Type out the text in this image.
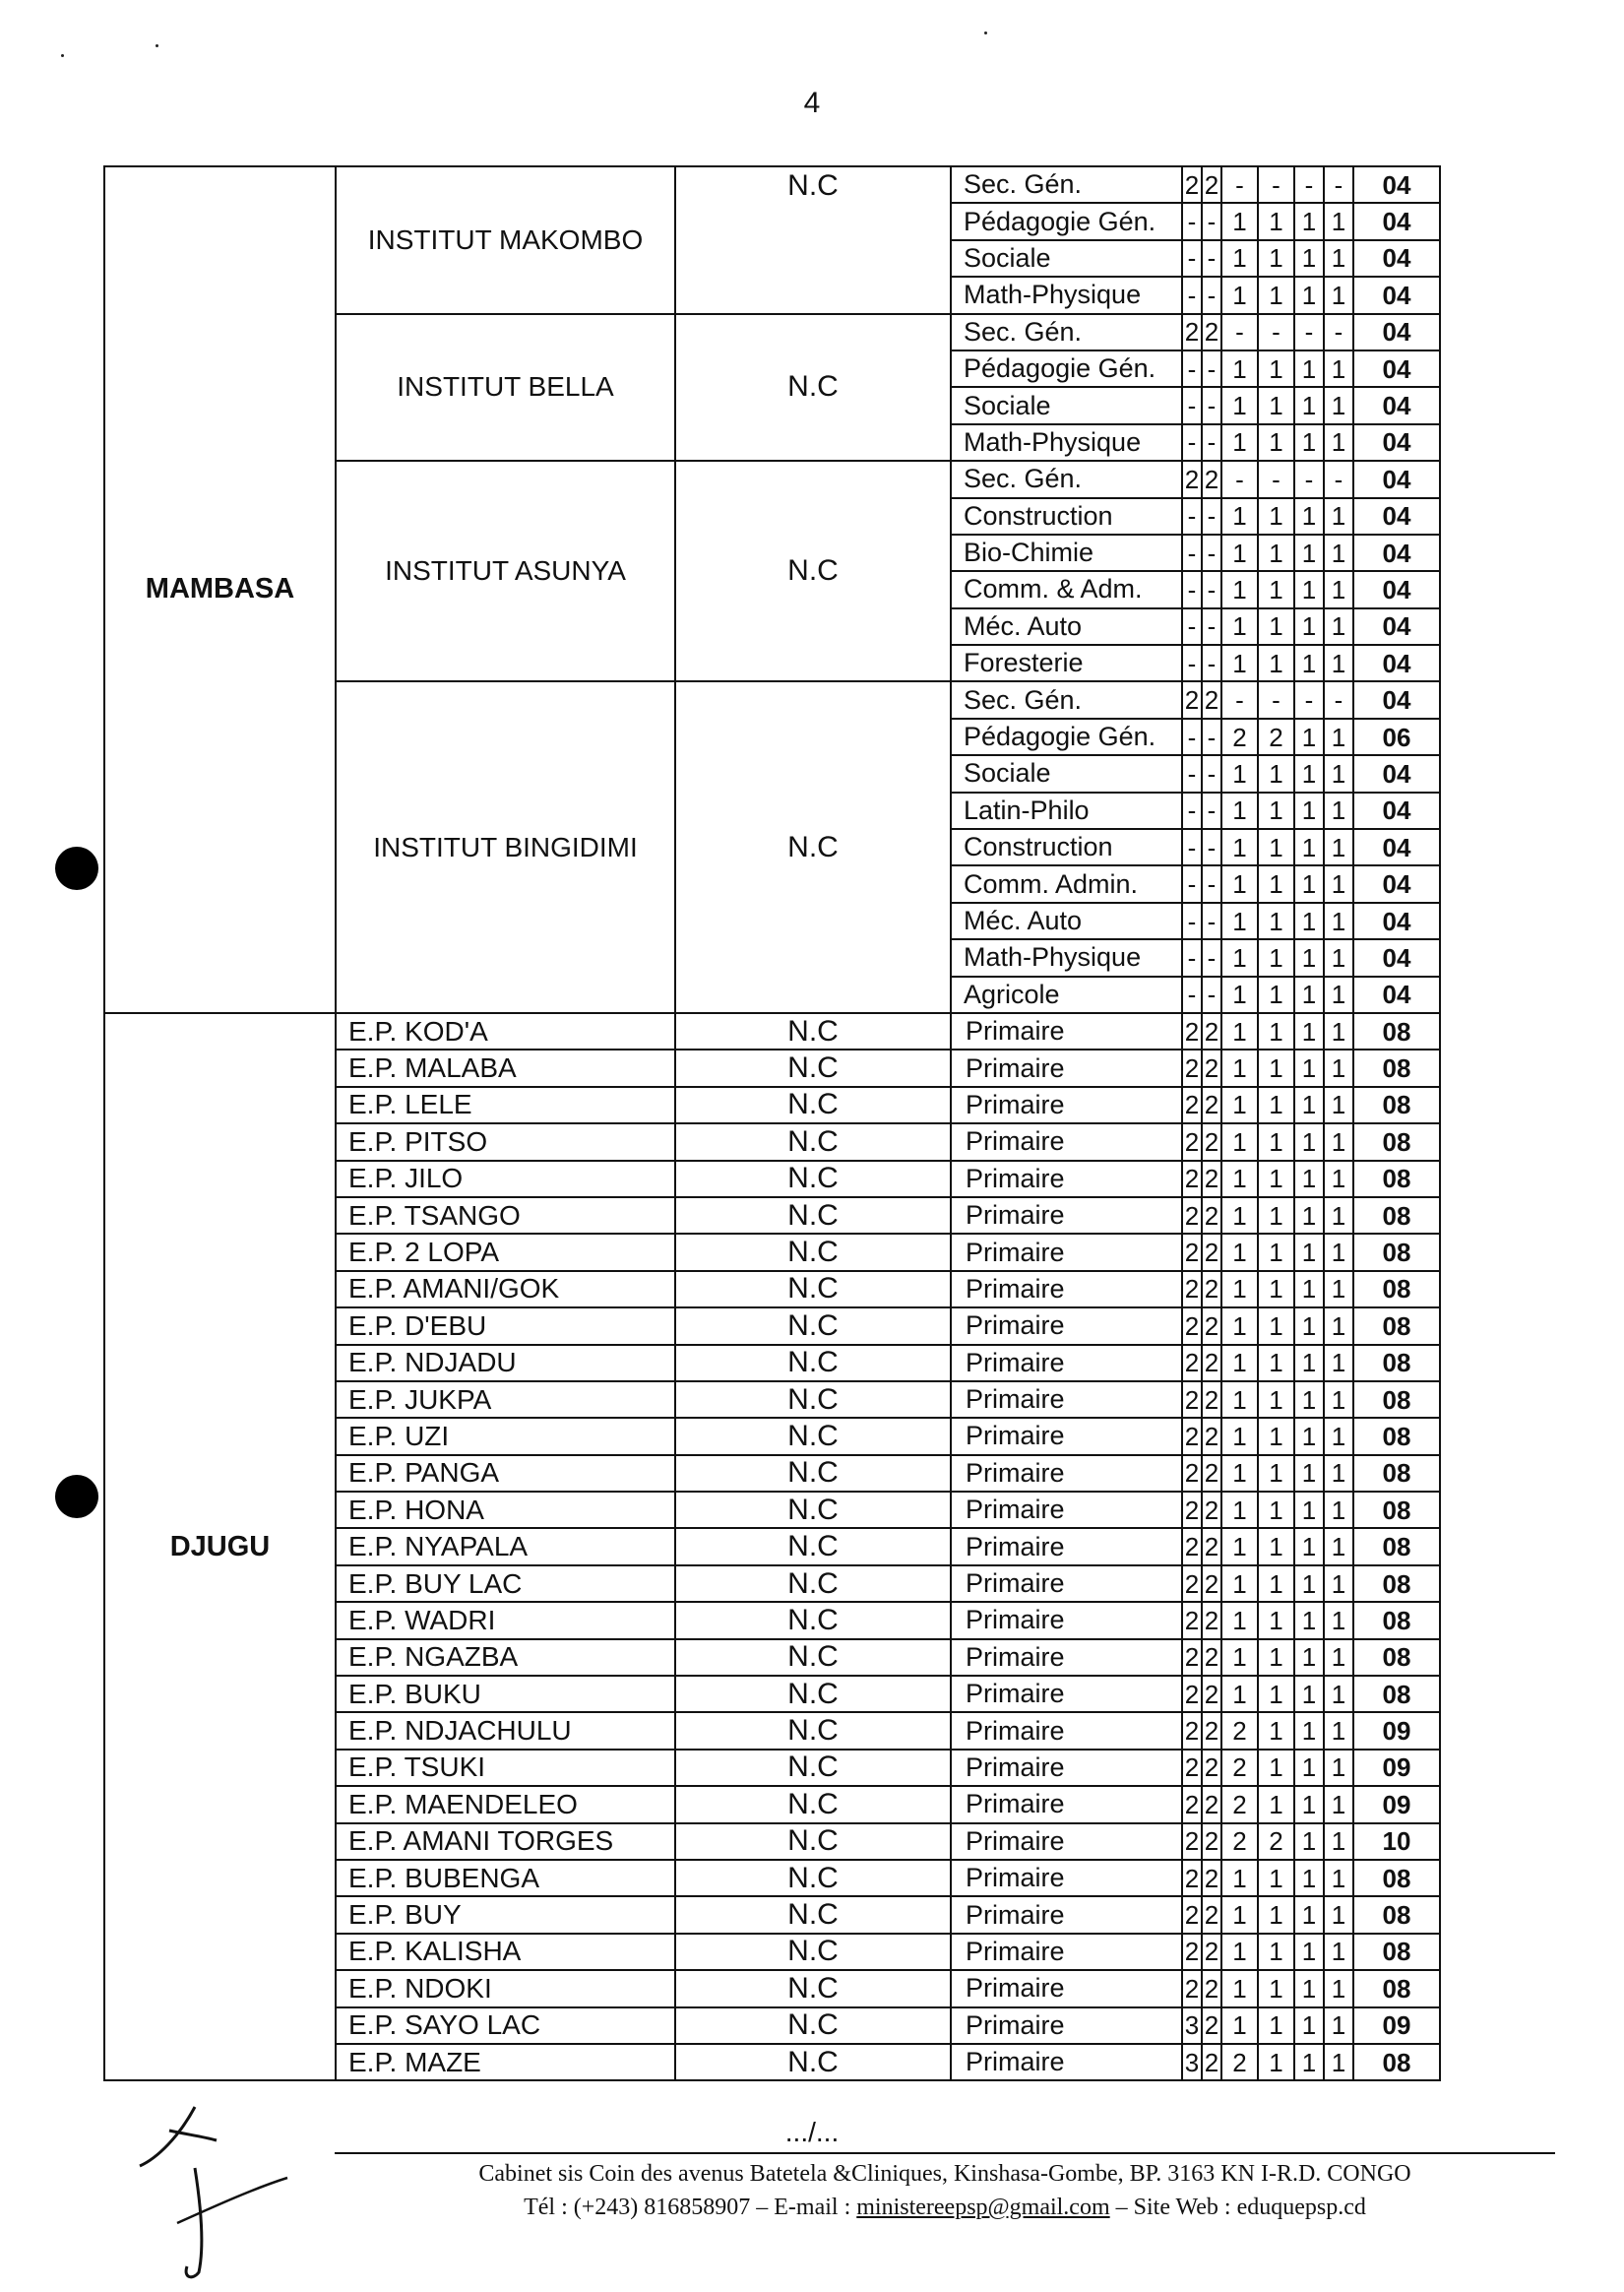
4
MAMBASA	INSTITUT MAKOMBO	N.C	Sec. Gén.	2	2	-	-	-	-	04
			Pédagogie Gén.	-	-	1	1	1	1	04
			Sociale	-	-	1	1	1	1	04
			Math-Physique	-	-	1	1	1	1	04
	INSTITUT BELLA	N.C	Sec. Gén.	2	2	-	-	-	-	04
			Pédagogie Gén.	-	-	1	1	1	1	04
			Sociale	-	-	1	1	1	1	04
			Math-Physique	-	-	1	1	1	1	04
	INSTITUT ASUNYA	N.C	Sec. Gén.	2	2	-	-	-	-	04
			Construction	-	-	1	1	1	1	04
			Bio-Chimie	-	-	1	1	1	1	04
			Comm. & Adm.	-	-	1	1	1	1	04
			Méc. Auto	-	-	1	1	1	1	04
			Foresterie	-	-	1	1	1	1	04
	INSTITUT BINGIDIMI	N.C	Sec. Gén.	2	2	-	-	-	-	04
			Pédagogie Gén.	-	-	2	2	1	1	06
			Sociale	-	-	1	1	1	1	04
			Latin-Philo	-	-	1	1	1	1	04
			Construction	-	-	1	1	1	1	04
			Comm. Admin.	-	-	1	1	1	1	04
			Méc. Auto	-	-	1	1	1	1	04
			Math-Physique	-	-	1	1	1	1	04
			Agricole	-	-	1	1	1	1	04
DJUGU	E.P. KOD'A	N.C	Primaire	2	2	1	1	1	1	08
	E.P. MALABA	N.C	Primaire	2	2	1	1	1	1	08
	E.P. LELE	N.C	Primaire	2	2	1	1	1	1	08
	E.P. PITSO	N.C	Primaire	2	2	1	1	1	1	08
	E.P. JILO	N.C	Primaire	2	2	1	1	1	1	08
	E.P. TSANGO	N.C	Primaire	2	2	1	1	1	1	08
	E.P. 2 LOPA	N.C	Primaire	2	2	1	1	1	1	08
	E.P. AMANI/GOK	N.C	Primaire	2	2	1	1	1	1	08
	E.P. D'EBU	N.C	Primaire	2	2	1	1	1	1	08
	E.P. NDJADU	N.C	Primaire	2	2	1	1	1	1	08
	E.P. JUKPA	N.C	Primaire	2	2	1	1	1	1	08
	E.P. UZI	N.C	Primaire	2	2	1	1	1	1	08
	E.P. PANGA	N.C	Primaire	2	2	1	1	1	1	08
	E.P. HONA	N.C	Primaire	2	2	1	1	1	1	08
	E.P. NYAPALA	N.C	Primaire	2	2	1	1	1	1	08
	E.P. BUY LAC	N.C	Primaire	2	2	1	1	1	1	08
	E.P. WADRI	N.C	Primaire	2	2	1	1	1	1	08
	E.P. NGAZBA	N.C	Primaire	2	2	1	1	1	1	08
	E.P. BUKU	N.C	Primaire	2	2	1	1	1	1	08
	E.P. NDJACHULU	N.C	Primaire	2	2	2	1	1	1	09
	E.P. TSUKI	N.C	Primaire	2	2	2	1	1	1	09
	E.P. MAENDELEO	N.C	Primaire	2	2	2	1	1	1	09
	E.P. AMANI TORGES	N.C	Primaire	2	2	2	2	1	1	10
	E.P. BUBENGA	N.C	Primaire	2	2	1	1	1	1	08
	E.P. BUY	N.C	Primaire	2	2	1	1	1	1	08
	E.P. KALISHA	N.C	Primaire	2	2	1	1	1	1	08
	E.P. NDOKI	N.C	Primaire	2	2	1	1	1	1	08
	E.P. SAYO LAC	N.C	Primaire	3	2	1	1	1	1	09
	E.P. MAZE	N.C	Primaire	3	2	2	1	1	1	08
.../...
Cabinet sis Coin des avenus Batetela &Cliniques, Kinshasa-Gombe, BP. 3163 KN I-R.D. CONGO
Tél : (+243) 816858907 – E-mail : ministereepsp@gmail.com – Site Web : eduquepsp.cd
